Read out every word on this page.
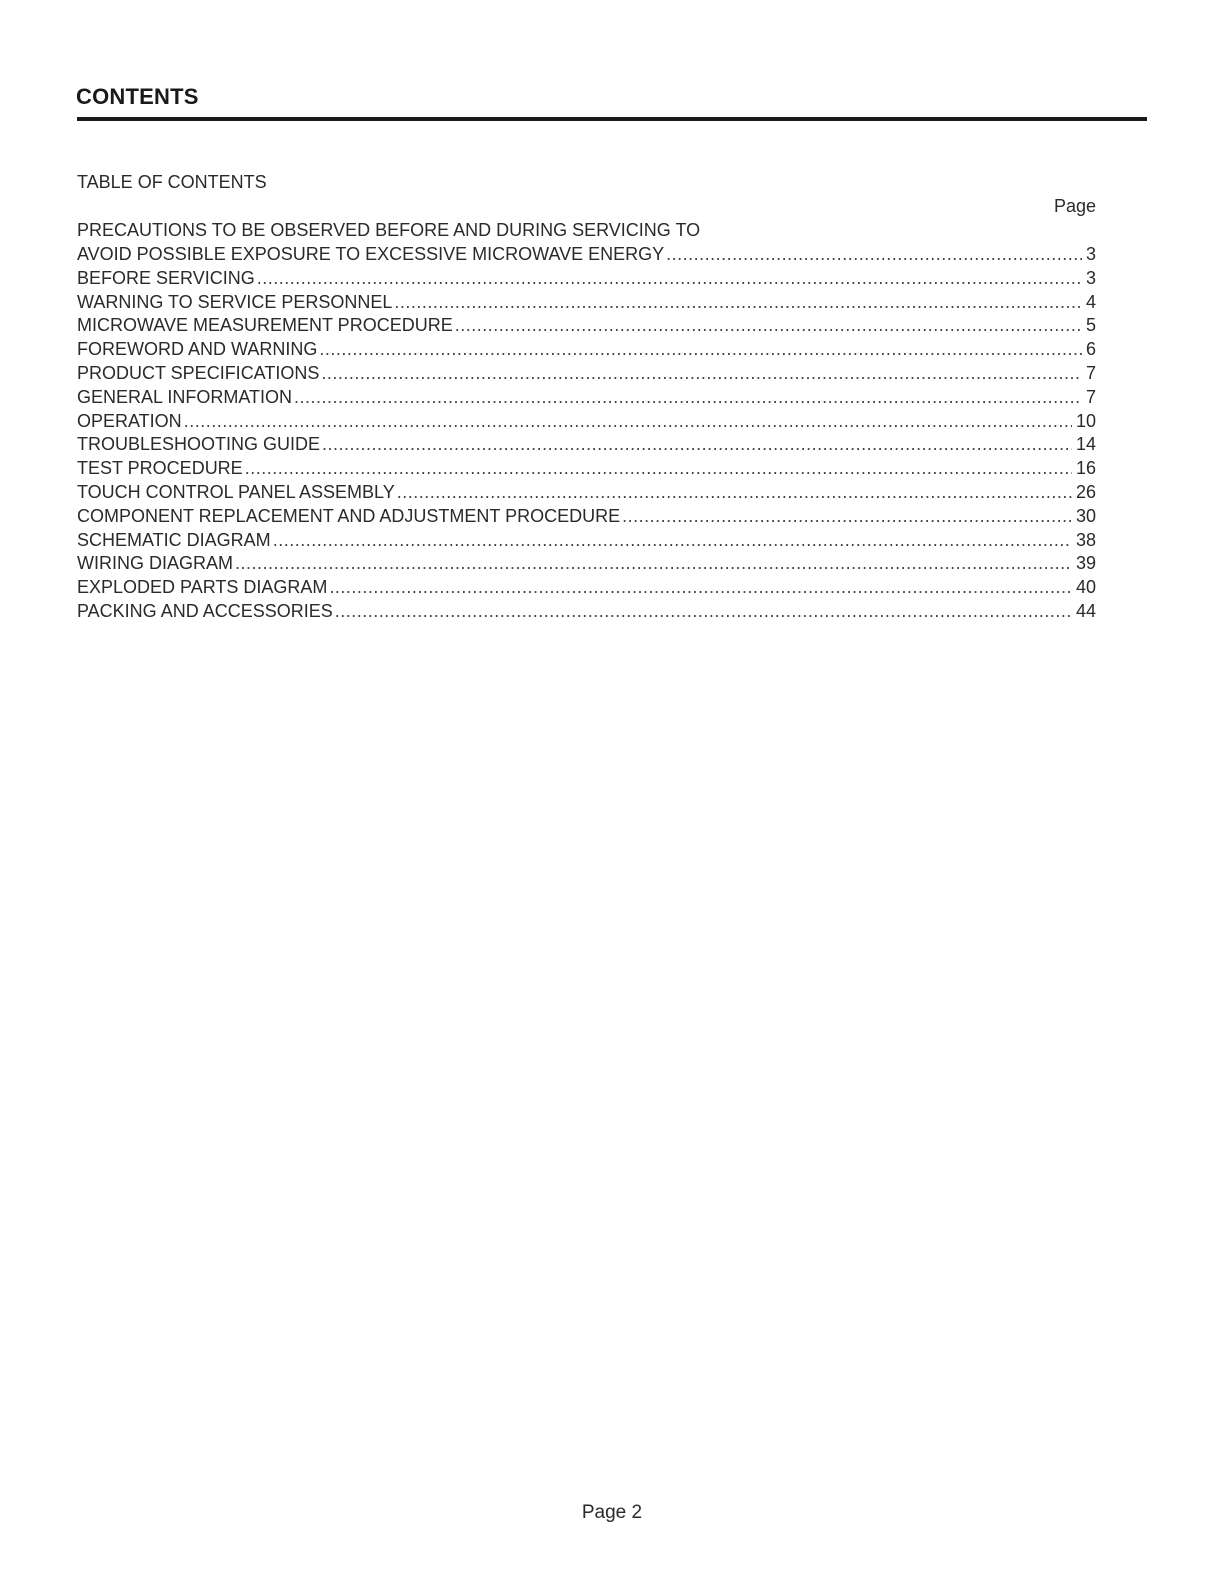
CONTENTS
TABLE OF CONTENTS
Page
PRECAUTIONS TO BE OBSERVED BEFORE AND DURING SERVICING TO
AVOID POSSIBLE EXPOSURE TO EXCESSIVE MICROWAVE ENERGY .....	3
BEFORE SERVICING .....	3
WARNING TO SERVICE PERSONNEL .....	4
MICROWAVE MEASUREMENT PROCEDURE .....	5
FOREWORD AND WARNING .....	6
PRODUCT SPECIFICATIONS .....	7
GENERAL INFORMATION .....	7
OPERATION .....	10
TROUBLESHOOTING GUIDE .....	14
TEST PROCEDURE .....	16
TOUCH CONTROL PANEL ASSEMBLY .....	26
COMPONENT REPLACEMENT AND ADJUSTMENT PROCEDURE .....	30
SCHEMATIC DIAGRAM .....	38
WIRING DIAGRAM .....	39
EXPLODED PARTS DIAGRAM .....	40
PACKING AND ACCESSORIES .....	44
Page 2
